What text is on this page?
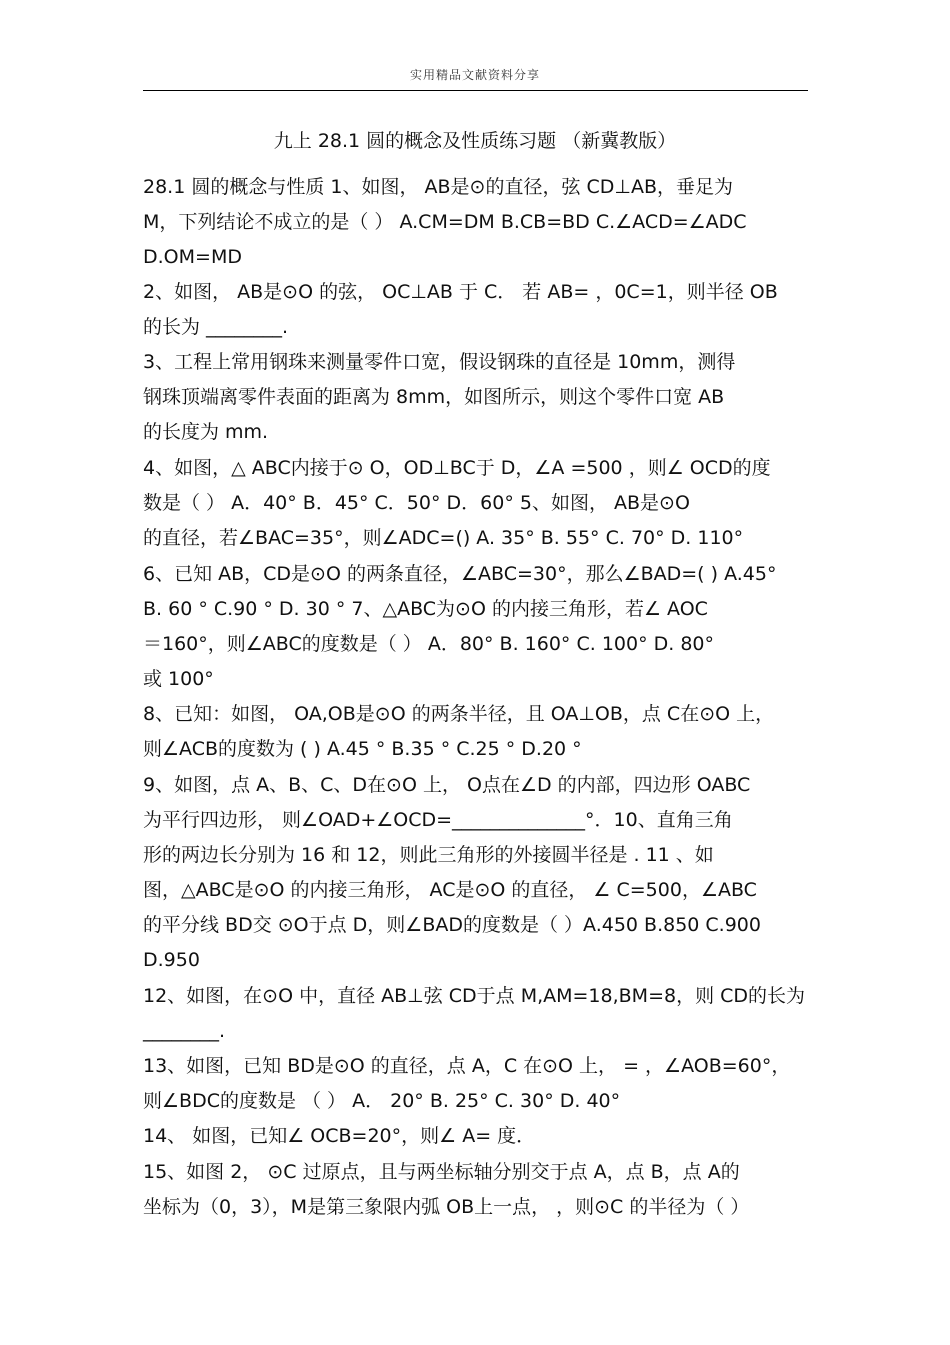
实用精品文献资料分享
九上 28.1 圆的概念及性质练习题 （新冀教版）
28.1 圆的概念与性质 1、如图， AB是⊙的直径，弦 CD⊥AB，垂足为
M，下列结论不成立的是（ ） A.CM=DM B.CB=BD C.∠ACD=∠ADC
D.OM=MD
2、如图， AB是⊙O 的弦， OC⊥AB 于 C． 若 AB= ，0C=1，则半径 OB
的长为 ________.
3、工程上常用钢珠来测量零件口宽，假设钢珠的直径是 10mm，测得
钢珠顶端离零件表面的距离为 8mm，如图所示，则这个零件口宽 AB
的长度为 mm.
4、如图，△ ABC内接于⊙ O，OD⊥BC于 D，∠A =500 ，则∠ OCD的度
数是（ ） A．40° B．45° C．50° D．60° 5、如图， AB是⊙O
的直径，若∠BAC=35°，则∠ADC=() A. 35° B. 55° C. 70° D. 110°
6、已知 AB，CD是⊙O 的两条直径，∠ABC=30°，那么∠BAD=( ) A.45°
B. 60 ° C.90 ° D. 30 ° 7、△ABC为⊙O 的内接三角形，若∠ AOC
＝160°，则∠ABC的度数是（ ） A．80° B. 160° C. 100° D. 80°
或 100°
8、已知：如图， OA,OB是⊙O 的两条半径，且 OA⊥OB，点 C在⊙O 上，
则∠ACB的度数为 ( ) A.45 ° B.35 ° C.25 ° D.20 °
9、如图，点 A、B、C、D在⊙O 上， O点在∠D 的内部，四边形 OABC
为平行四边形， 则∠OAD+∠OCD=______________°．10、直角三角
形的两边长分别为 16 和 12，则此三角形的外接圆半径是 . 11 、如
图，△ABC是⊙O 的内接三角形， AC是⊙O 的直径， ∠ C=500，∠ABC
的平分线 BD交 ⊙O于点 D，则∠BAD的度数是（ ）A.450 B.850 C.900
D.950
12、如图，在⊙O 中，直径 AB⊥弦 CD于点 M,AM=18,BM=8，则 CD的长为
________.
13、如图，已知 BD是⊙O 的直径，点 A，C 在⊙O 上， = ，∠AOB=60°，
则∠BDC的度数是 （ ） A． 20° B. 25° C. 30° D. 40°
14、 如图，已知∠ OCB=20°，则∠ A= 度．
15、如图 2， ⊙C 过原点，且与两坐标轴分别交于点 A，点 B，点 A的
坐标为（0，3），M是第三象限内弧 OB上一点， ，则⊙C 的半径为（ ）
